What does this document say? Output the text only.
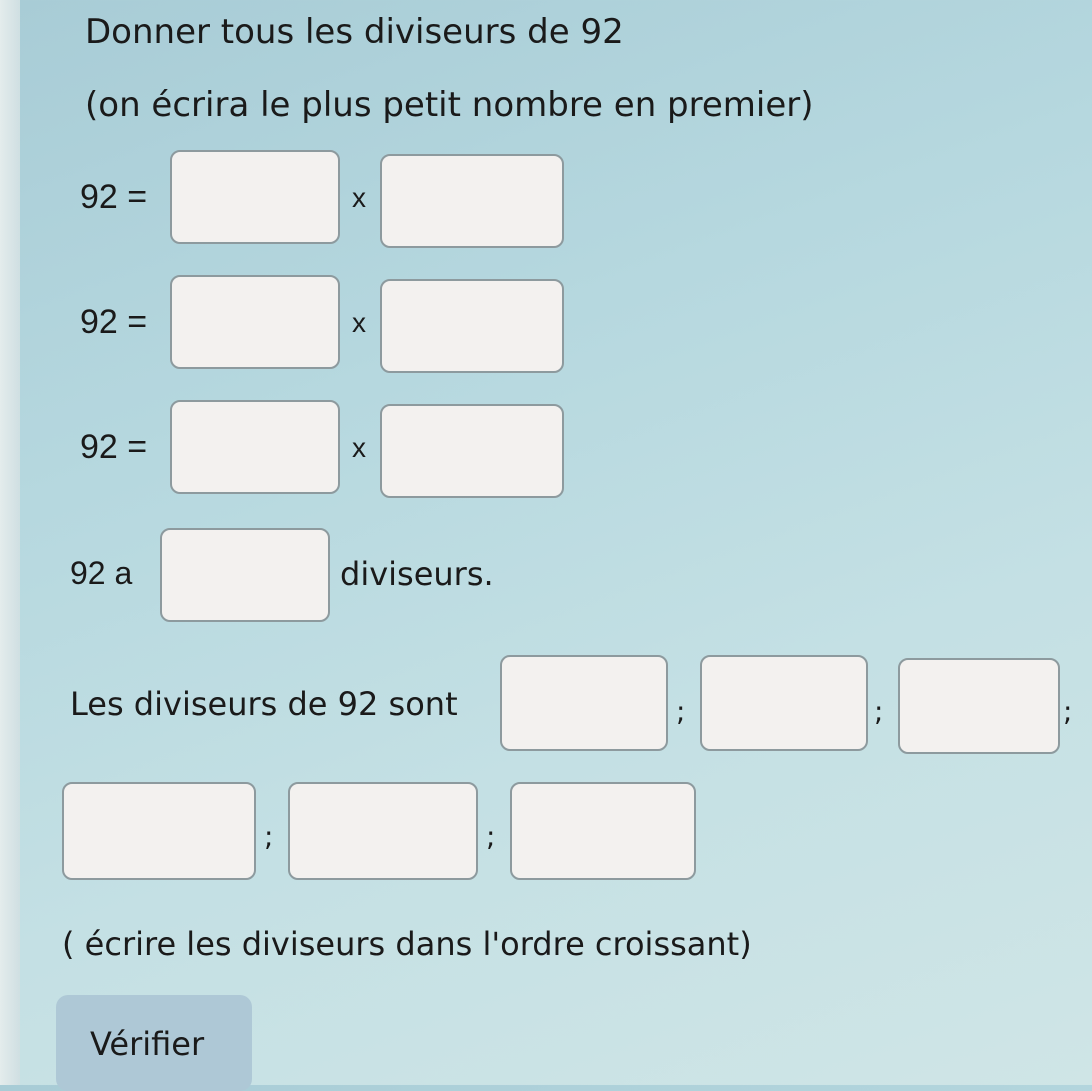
Donner tous les diviseurs de 92
(on écrira le plus petit nombre en premier)
92 =	x
92 =	x
92 =	x
92 a	diviseurs.
Les diviseurs de 92 sont	;	;	;
;	;
( écrire les diviseurs dans l'ordre croissant)
Vérifier
